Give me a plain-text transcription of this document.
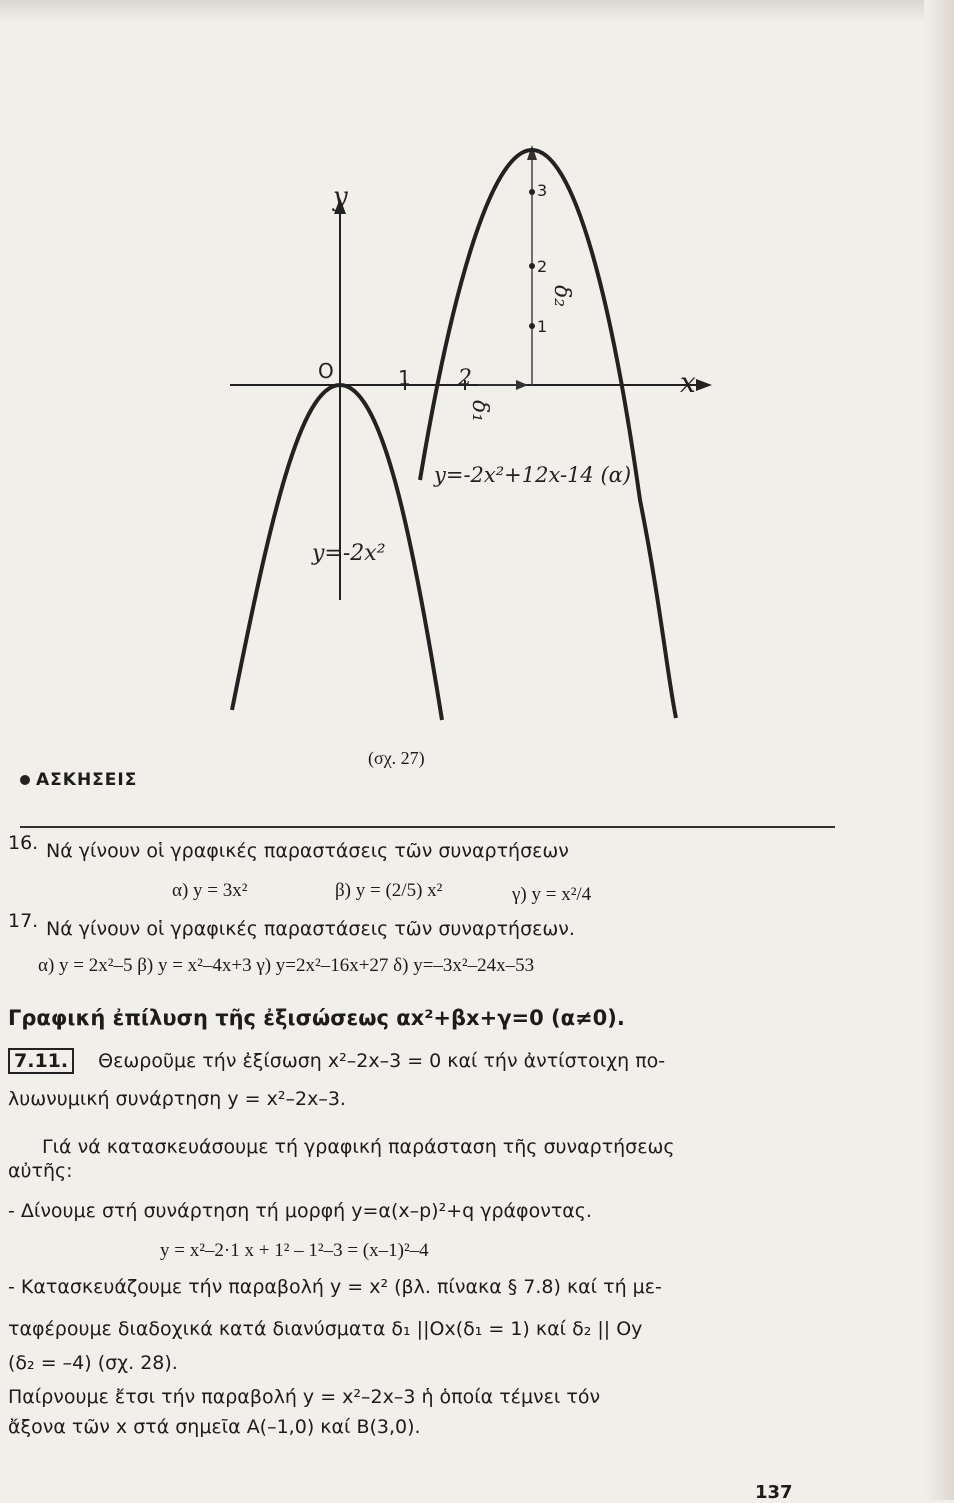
y
x
O	1 2
1
2
3
δ₁
δ₂
y=-2x²+12x-14 (α)
y=-2x²
(σχ. 27)
ΑΣΚΗΣΕΙΣ
16. Νά γίνουν οἱ γραφικές παραστάσεις τῶν συναρτήσεων
α) y = 3x²	β) y = (2/5) x²	γ) y = x²/4
17. Νά γίνουν οἱ γραφικές παραστάσεις τῶν συναρτήσεων.
α) y = 2x²–5 β) y = x²–4x+3 γ) y=2x²–16x+27 δ) y=–3x²–24x–53
Γραφική ἐπίλυση τῆς ἐξισώσεως αx²+βx+γ=0 (α≠0).
7.11. Θεωροῦμε τήν ἐξίσωση x²–2x–3 = 0 καί τήν ἀντίστοιχη πο-
λυωνυμική συνάρτηση y = x²–2x–3.
Γιά νά κατασκευάσουμε τή γραφική παράσταση τῆς συναρτήσεως
αὐτῆς:
- Δίνουμε στή συνάρτηση τή μορφή y=α(x–p)²+q γράφοντας.
y = x²–2·1 x + 1² – 1²–3 = (x–1)²–4
- Κατασκευάζουμε τήν παραβολή y = x² (βλ. πίνακα § 7.8) καί τή με-
ταφέρουμε διαδοχικά κατά διανύσματα δ₁ ||Ox(δ₁ = 1) καί δ₂ || Oy
(δ₂ = –4) (σχ. 28).
Παίρνουμε ἔτσι τήν παραβολή y = x²–2x–3 ἡ ὁποία τέμνει τόν
ἄξονα τῶν x στά σημεῖα A(–1,0) καί B(3,0).
137
